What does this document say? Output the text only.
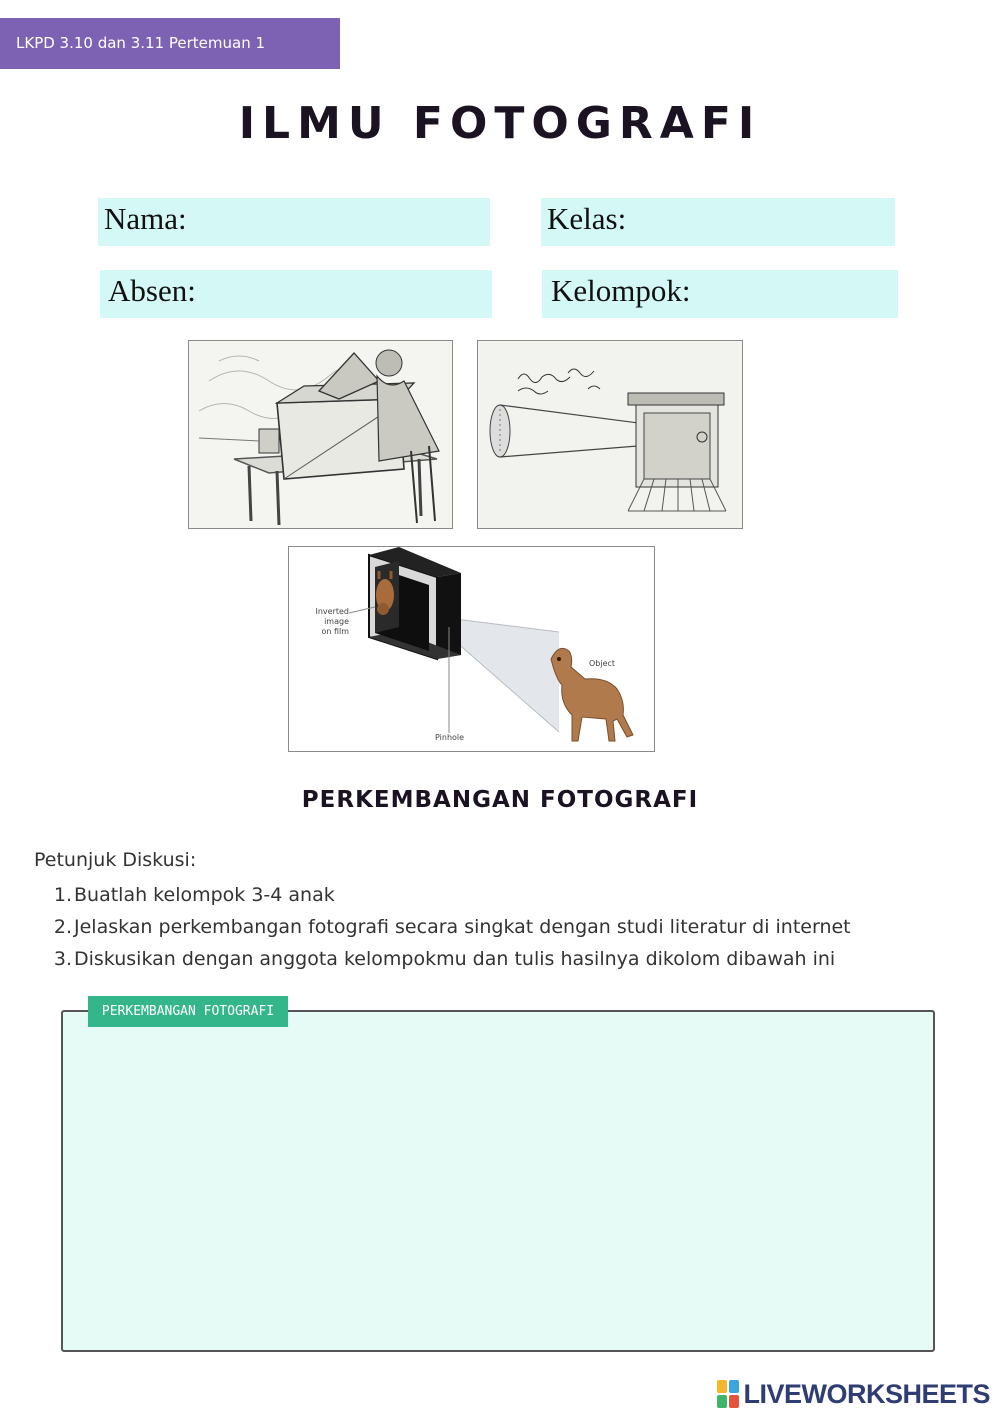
LKPD 3.10 dan 3.11 Pertemuan 1
ILMU FOTOGRAFI
Nama:	Kelas:
Absen:	Kelompok:
Inverted image
on film
Object
Pinhole
PERKEMBANGAN FOTOGRAFI
Petunjuk Diskusi:
1. Buatlah kelompok 3-4 anak
2. Jelaskan perkembangan fotografi secara singkat dengan studi literatur di internet
3. Diskusikan dengan anggota kelompokmu dan tulis hasilnya dikolom dibawah ini
PERKEMBANGAN FOTOGRAFI
LIVEWORKSHEETS
